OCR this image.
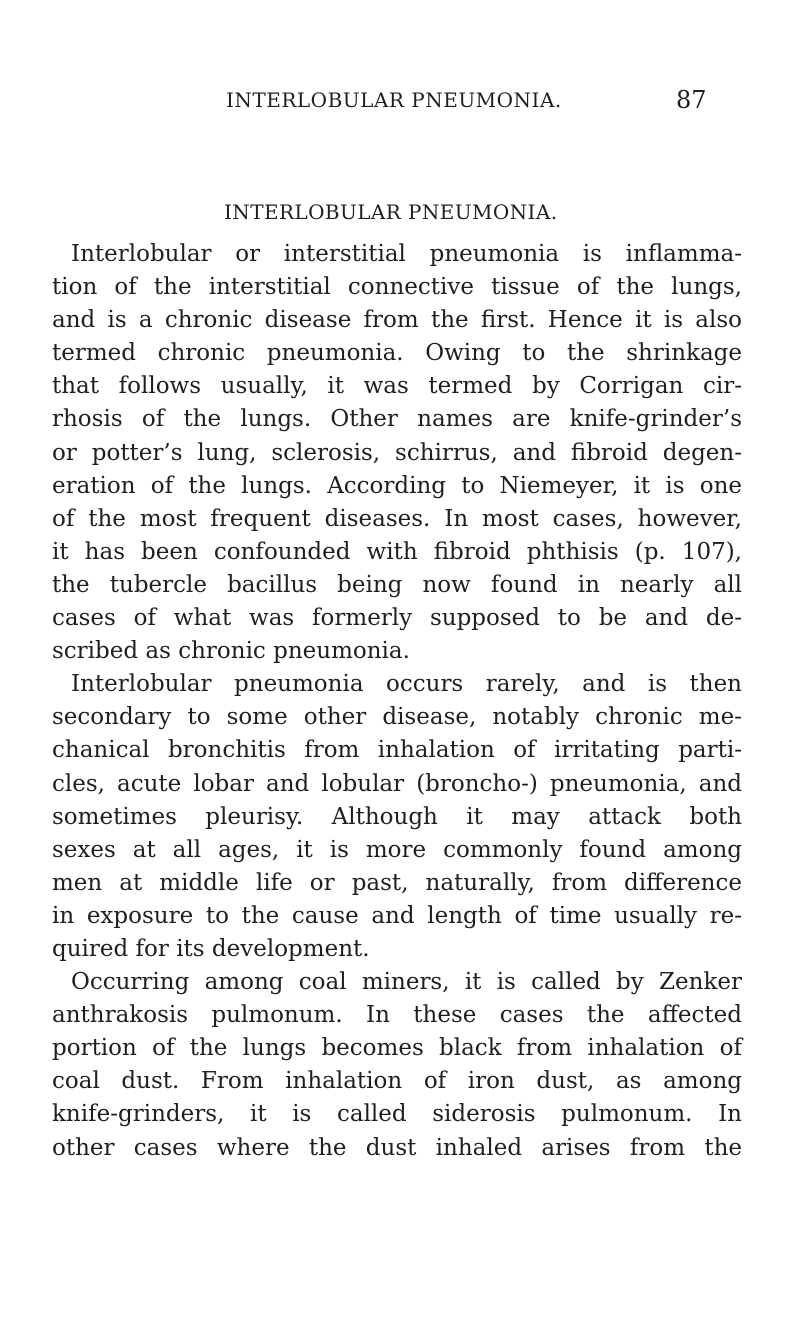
INTERLOBULAR PNEUMONIA.	87
INTERLOBULAR PNEUMONIA.
Interlobular or interstitial pneumonia is inflamma-
tion of the interstitial connective tissue of the lungs,
and is a chronic disease from the first. Hence it is also
termed chronic pneumonia. Owing to the shrinkage
that follows usually, it was termed by Corrigan cir-
rhosis of the lungs. Other names are knife-grinder’s
or potter’s lung, sclerosis, schirrus, and fibroid degen-
eration of the lungs. According to Niemeyer, it is one
of the most frequent diseases. In most cases, however,
it has been confounded with fibroid phthisis (p. 107),
the tubercle bacillus being now found in nearly all
cases of what was formerly supposed to be and de-
scribed as chronic pneumonia.
Interlobular pneumonia occurs rarely, and is then
secondary to some other disease, notably chronic me-
chanical bronchitis from inhalation of irritating parti-
cles, acute lobar and lobular (broncho-) pneumonia, and
sometimes pleurisy. Although it may attack both
sexes at all ages, it is more commonly found among
men at middle life or past, naturally, from difference
in exposure to the cause and length of time usually re-
quired for its development.
Occurring among coal miners, it is called by Zenker
anthrakosis pulmonum. In these cases the affected
portion of the lungs becomes black from inhalation of
coal dust. From inhalation of iron dust, as among
knife-grinders, it is called siderosis pulmonum. In
other cases where the dust inhaled arises from the
